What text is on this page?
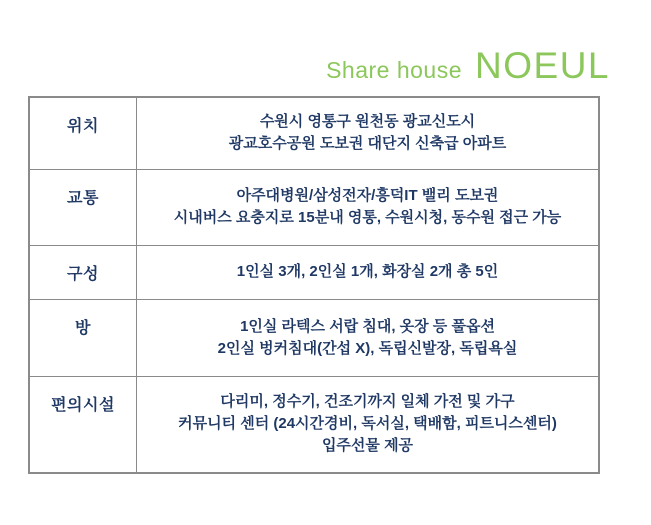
Share house NOEUL
위치	수원시 영통구 원천동 광교신도시
광교호수공원 도보권 대단지 신축급 아파트

교통	아주대병원/삼성전자/흥덕IT 밸리 도보권
시내버스 요충지로 15분내 영통, 수원시청, 동수원 접근 가능

구성	1인실 3개, 2인실 1개, 화장실 2개 총 5인

방	1인실 라텍스 서랍 침대, 옷장 등 풀옵션
2인실 벙커침대(간섭 X), 독립신발장, 독립욕실

편의시설	다리미, 정수기, 건조기까지 일체 가전 및 가구
커뮤니티 센터 (24시간경비, 독서실, 택배함, 피트니스센터)
입주선물 제공
